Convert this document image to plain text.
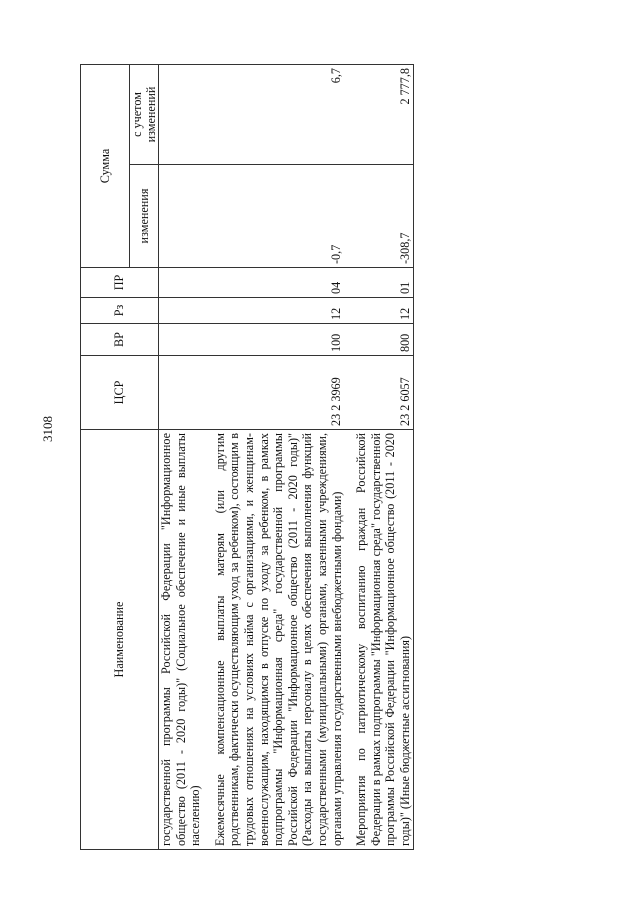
3108
Наименование	ЦСР	ВР	Рз	ПР	Сумма	
					изменения	с учетом изменений
государственной программы Российской Федерации "Информационное общество (2011 - 2020 годы)" (Социальное обеспечение и иные выплаты населению)						

Ежемесячные компенсационные выплаты матерям (или другим родственникам, фактически осуществляющим уход за ребенком), состоящим в трудовых отношениях на условиях найма с организациями, и женщинам-военнослужащим, находящимся в отпуске по уходу за ребенком, в рамках подпрограммы "Информационная среда" государственной программы Российской Федерации "Информационное общество (2011 - 2020 годы)" (Расходы на выплаты персоналу в целях обеспечения выполнения функций государственными (муниципальными) органами, казенными учреждениями, органами управления государственными внебюджетными фондами)	23 2 3969	100	12	04	-0,7	6,7

Мероприятия по патриотическому воспитанию граждан Российской Федерации в рамках подпрограммы "Информационная среда" государственной программы Российской Федерации "Информационное общество (2011 - 2020 годы)" (Иные бюджетные ассигнования)	23 2 6057	800	12	01	-308,7	2 777,8
